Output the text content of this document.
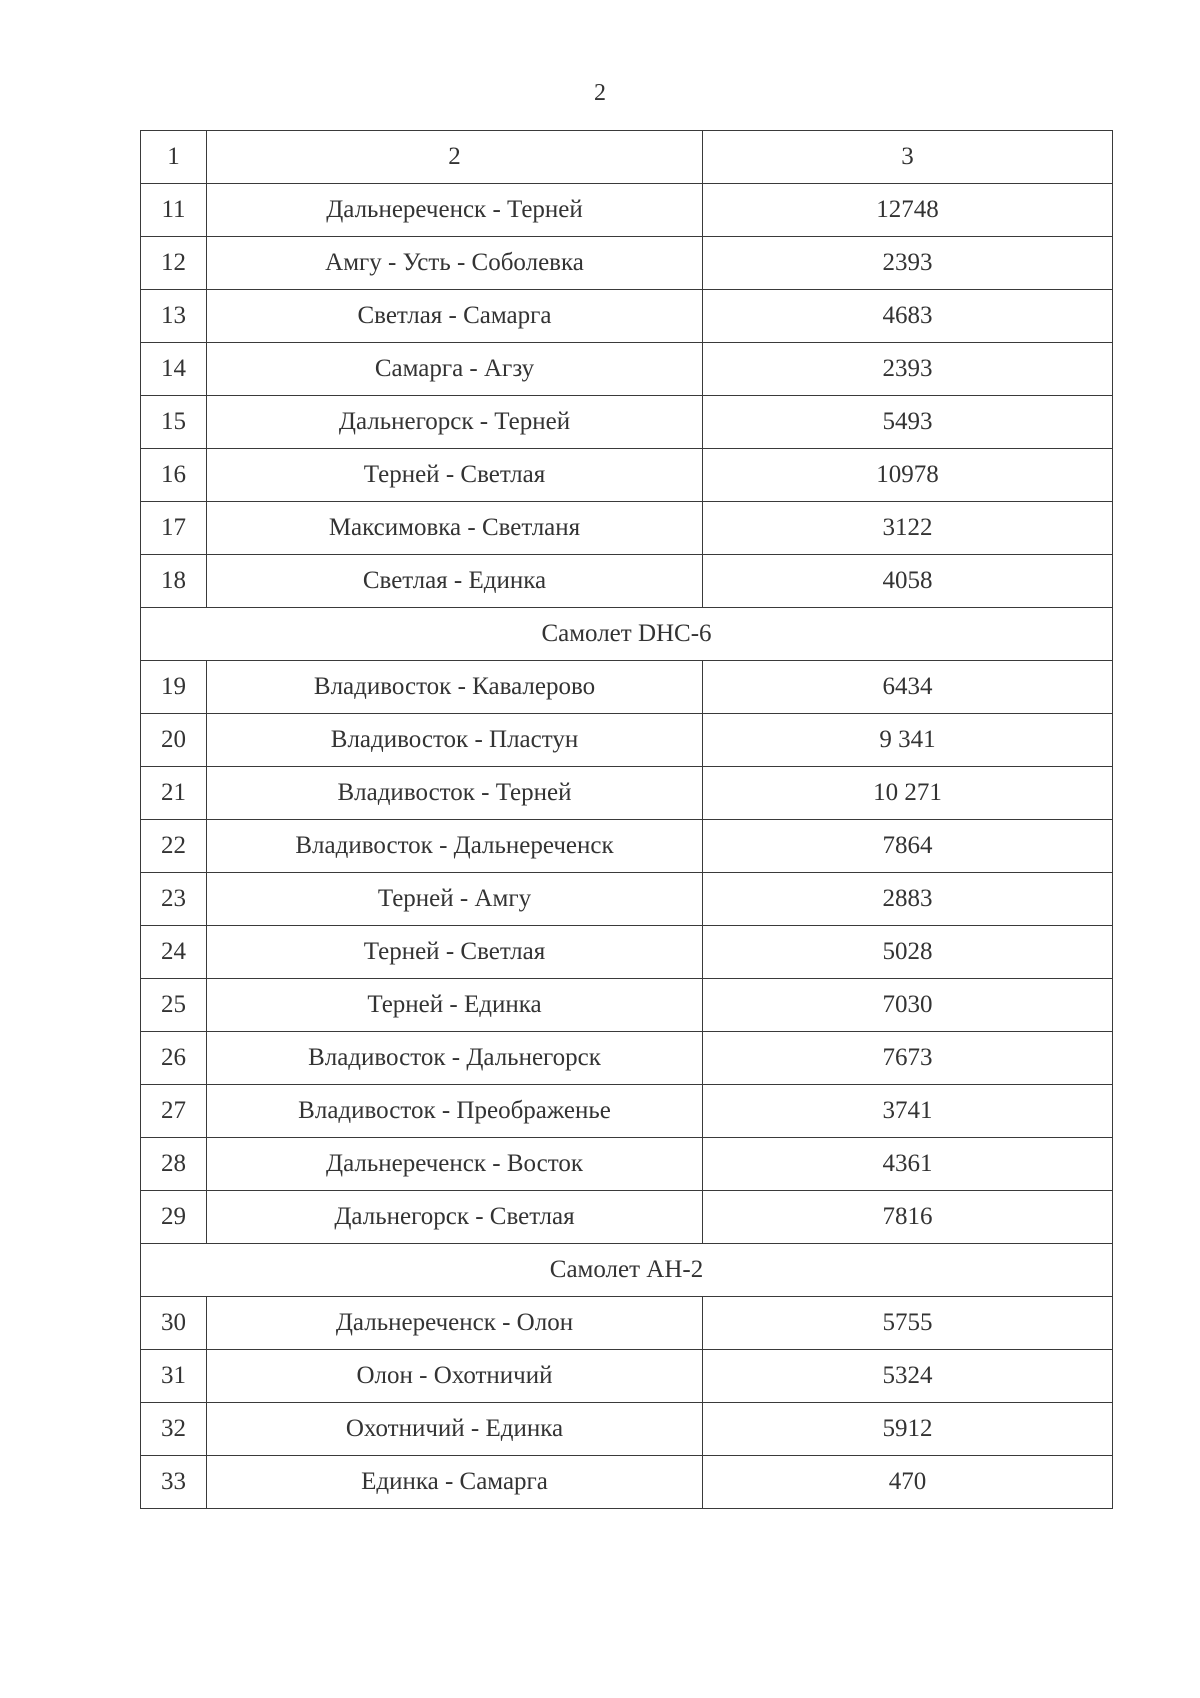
2
1	2	3
11	Дальнереченск - Терней	12748
12	Амгу - Усть - Соболевка	2393
13	Светлая - Самарга	4683
14	Самарга - Агзу	2393
15	Дальнегорск - Терней	5493
16	Терней - Светлая	10978
17	Максимовка - Светланя	3122
18	Светлая - Единка	4058
Самолет DHC-6		
19	Владивосток - Кавалерово	6434
20	Владивосток - Пластун	9 341
21	Владивосток - Терней	10 271
22	Владивосток - Дальнереченск	7864
23	Терней - Амгу	2883
24	Терней - Светлая	5028
25	Терней - Единка	7030
26	Владивосток - Дальнегорск	7673
27	Владивосток - Преображенье	3741
28	Дальнереченск - Восток	4361
29	Дальнегорск - Светлая	7816
Самолет АН-2		
30	Дальнереченск - Олон	5755
31	Олон - Охотничий	5324
32	Охотничий - Единка	5912
33	Единка - Самарга	470
